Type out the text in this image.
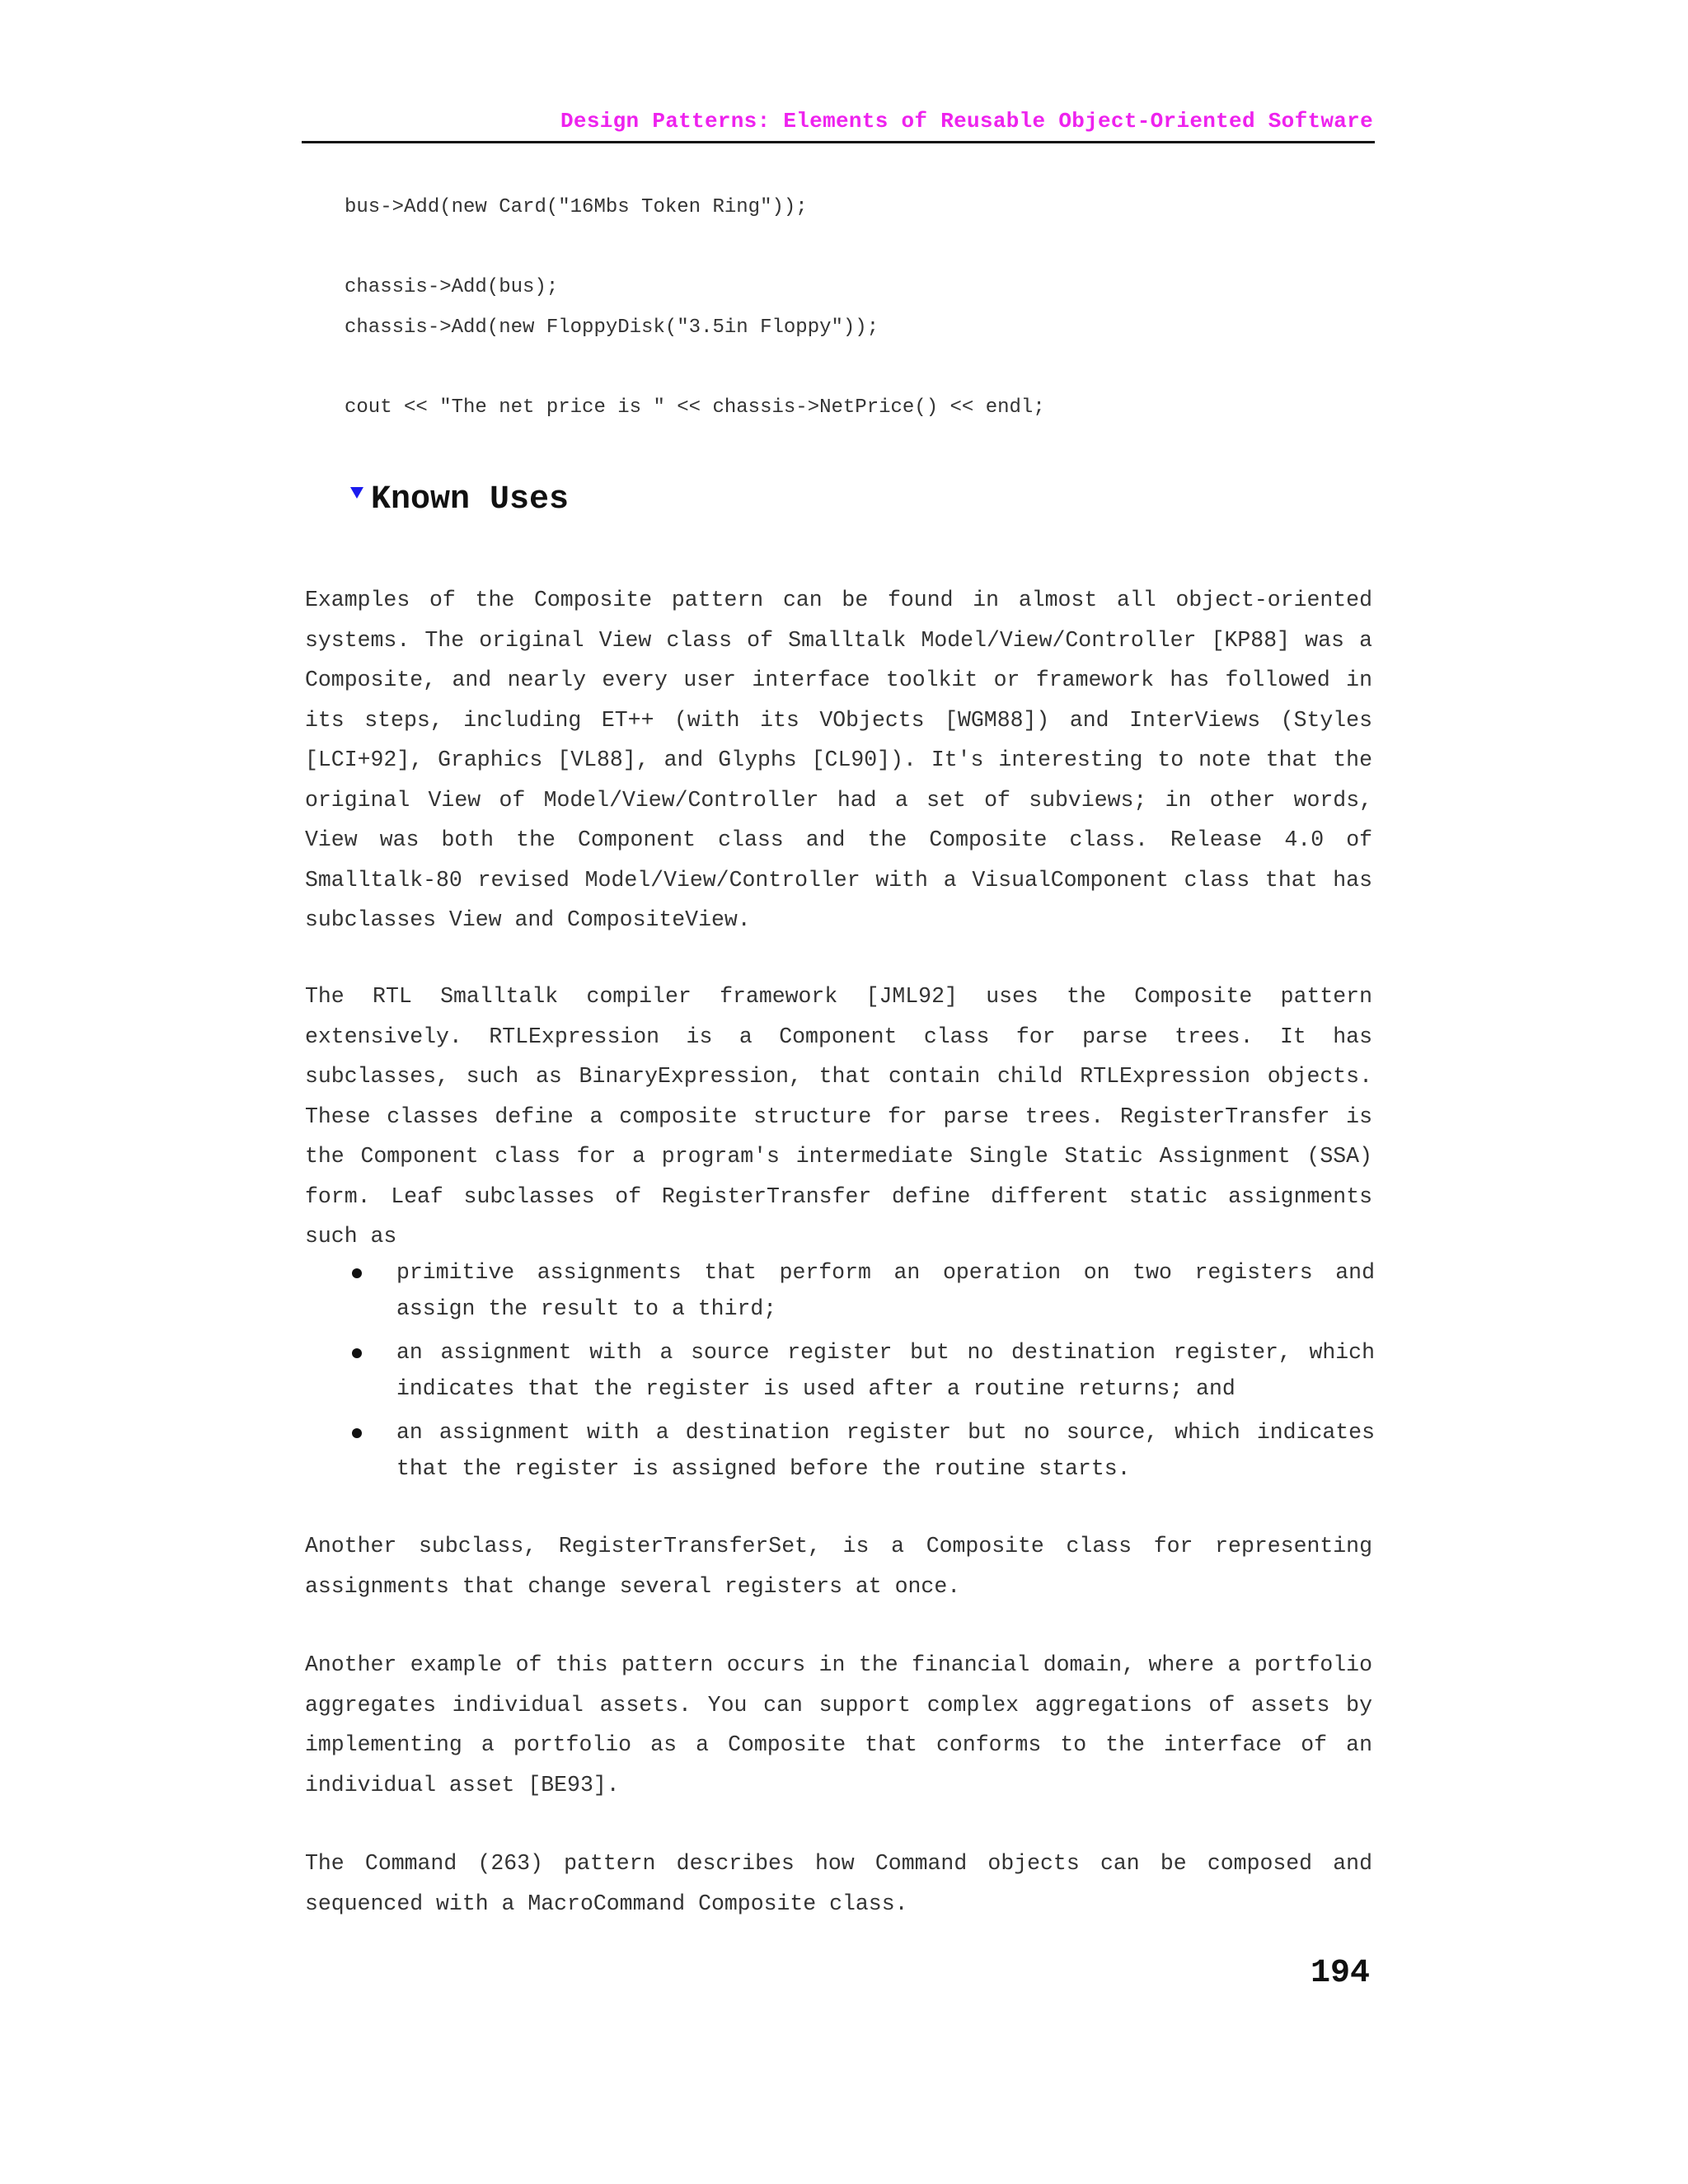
Design Patterns: Elements of Reusable Object-Oriented Software
bus->Add(new Card("16Mbs Token Ring"));
chassis->Add(bus);
chassis->Add(new FloppyDisk("3.5in Floppy"));
cout << "The net price is " << chassis->NetPrice() << endl;
Known Uses

Examples of the Composite pattern can be found in almost all object-oriented systems. The original View class of Smalltalk Model/View/Controller [KP88] was a Composite, and nearly every user interface toolkit or framework has followed in its steps, including ET++ (with its VObjects [WGM88]) and InterViews (Styles [LCI+92], Graphics [VL88], and Glyphs [CL90]). It's interesting to note that the original View of Model/View/Controller had a set of subviews; in other words, View was both the Component class and the Composite class. Release 4.0 of Smalltalk-80 revised Model/View/Controller with a VisualComponent class that has subclasses View and CompositeView.

The RTL Smalltalk compiler framework [JML92] uses the Composite pattern extensively. RTLExpression is a Component class for parse trees. It has subclasses, such as BinaryExpression, that contain child RTLExpression objects. These classes define a composite structure for parse trees. RegisterTransfer is the Component class for a program's intermediate Single Static Assignment (SSA) form. Leaf subclasses of RegisterTransfer define different static assignments such as

primitive assignments that perform an operation on two registers and assign the result to a third;
an assignment with a source register but no destination register, which indicates that the register is used after a routine returns; and
an assignment with a destination register but no source, which indicates that the register is assigned before the routine starts.

Another subclass, RegisterTransferSet, is a Composite class for representing assignments that change several registers at once.

Another example of this pattern occurs in the financial domain, where a portfolio aggregates individual assets. You can support complex aggregations of assets by implementing a portfolio as a Composite that conforms to the interface of an individual asset [BE93].

The Command (263) pattern describes how Command objects can be composed and sequenced with a MacroCommand Composite class.

194
